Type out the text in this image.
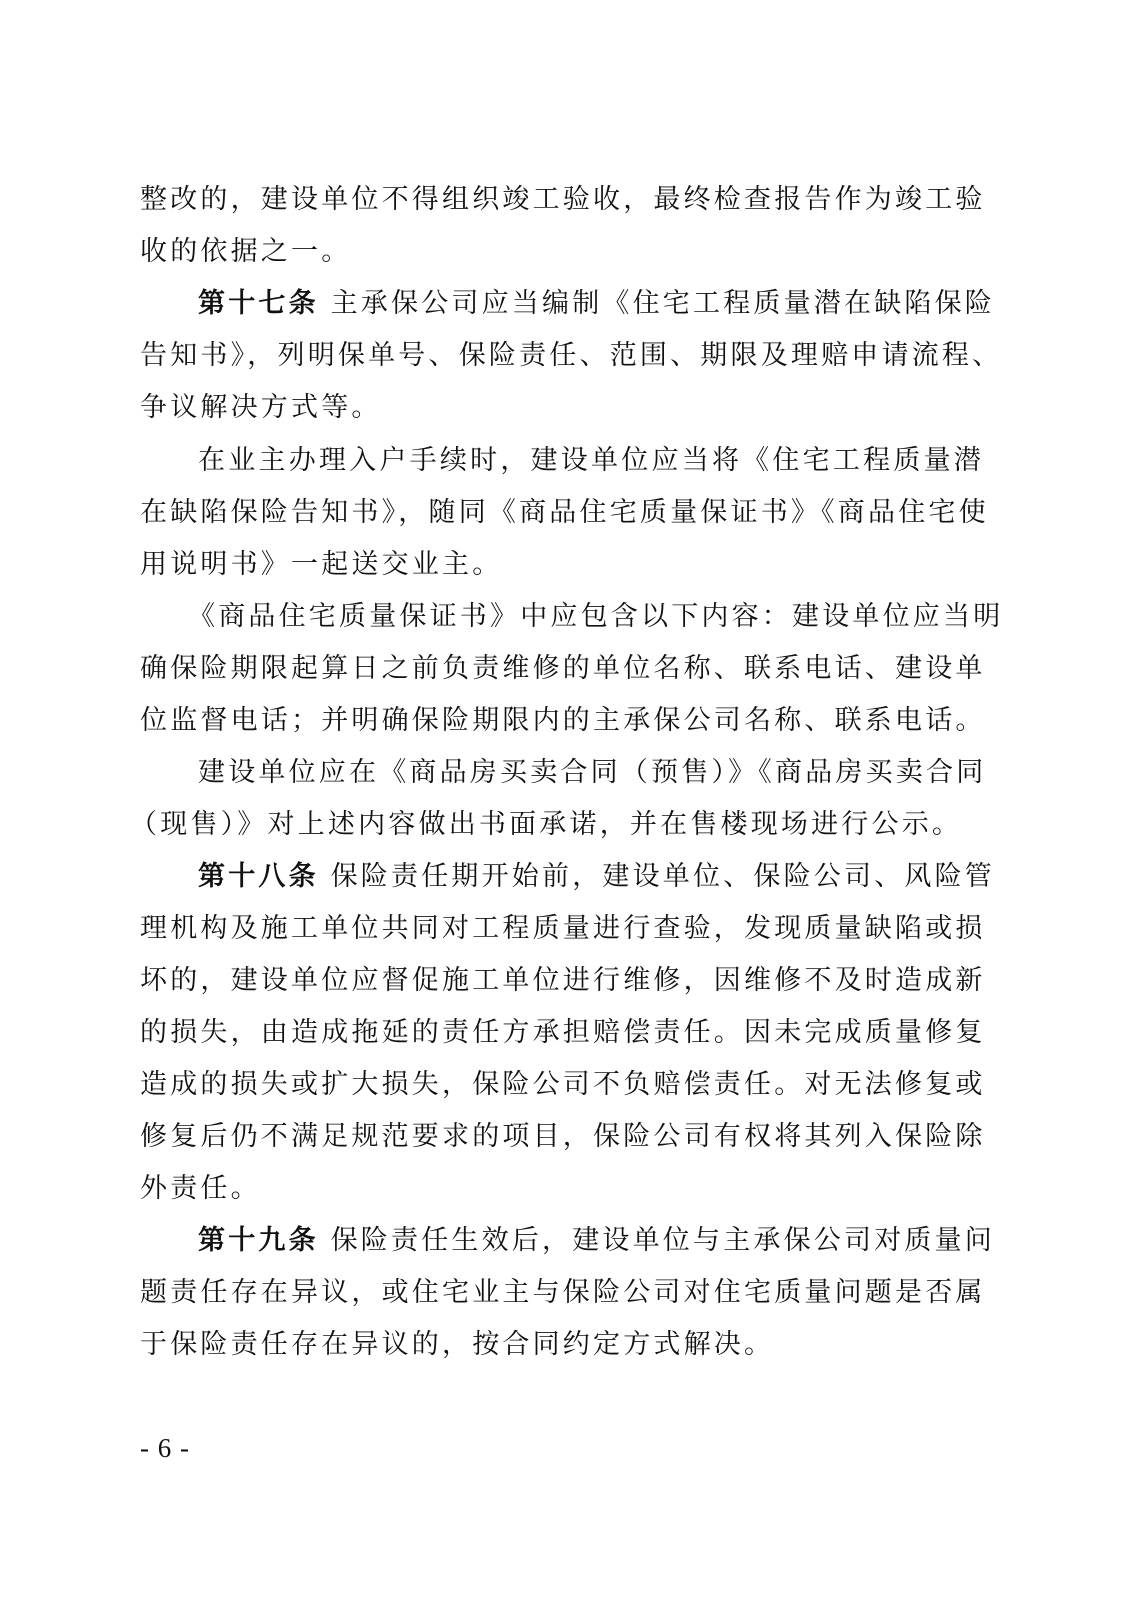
整改的，建设单位不得组织竣工验收，最终检查报告作为竣工验
收的依据之一。
第十七条 主承保公司应当编制《住宅工程质量潜在缺陷保险
告知书》，列明保单号、保险责任、范围、期限及理赔申请流程、
争议解决方式等。
在业主办理入户手续时，建设单位应当将《住宅工程质量潜
在缺陷保险告知书》，随同《商品住宅质量保证书》《商品住宅使
用说明书》一起送交业主。
《商品住宅质量保证书》中应包含以下内容：建设单位应当明
确保险期限起算日之前负责维修的单位名称、联系电话、建设单
位监督电话；并明确保险期限内的主承保公司名称、联系电话。
建设单位应在《商品房买卖合同（预售）》《商品房买卖合同
（现售）》对上述内容做出书面承诺，并在售楼现场进行公示。
第十八条 保险责任期开始前，建设单位、保险公司、风险管
理机构及施工单位共同对工程质量进行查验，发现质量缺陷或损
坏的，建设单位应督促施工单位进行维修，因维修不及时造成新
的损失，由造成拖延的责任方承担赔偿责任。因未完成质量修复
造成的损失或扩大损失，保险公司不负赔偿责任。对无法修复或
修复后仍不满足规范要求的项目，保险公司有权将其列入保险除
外责任。
第十九条 保险责任生效后，建设单位与主承保公司对质量问
题责任存在异议，或住宅业主与保险公司对住宅质量问题是否属
于保险责任存在异议的，按合同约定方式解决。
- 6 -
